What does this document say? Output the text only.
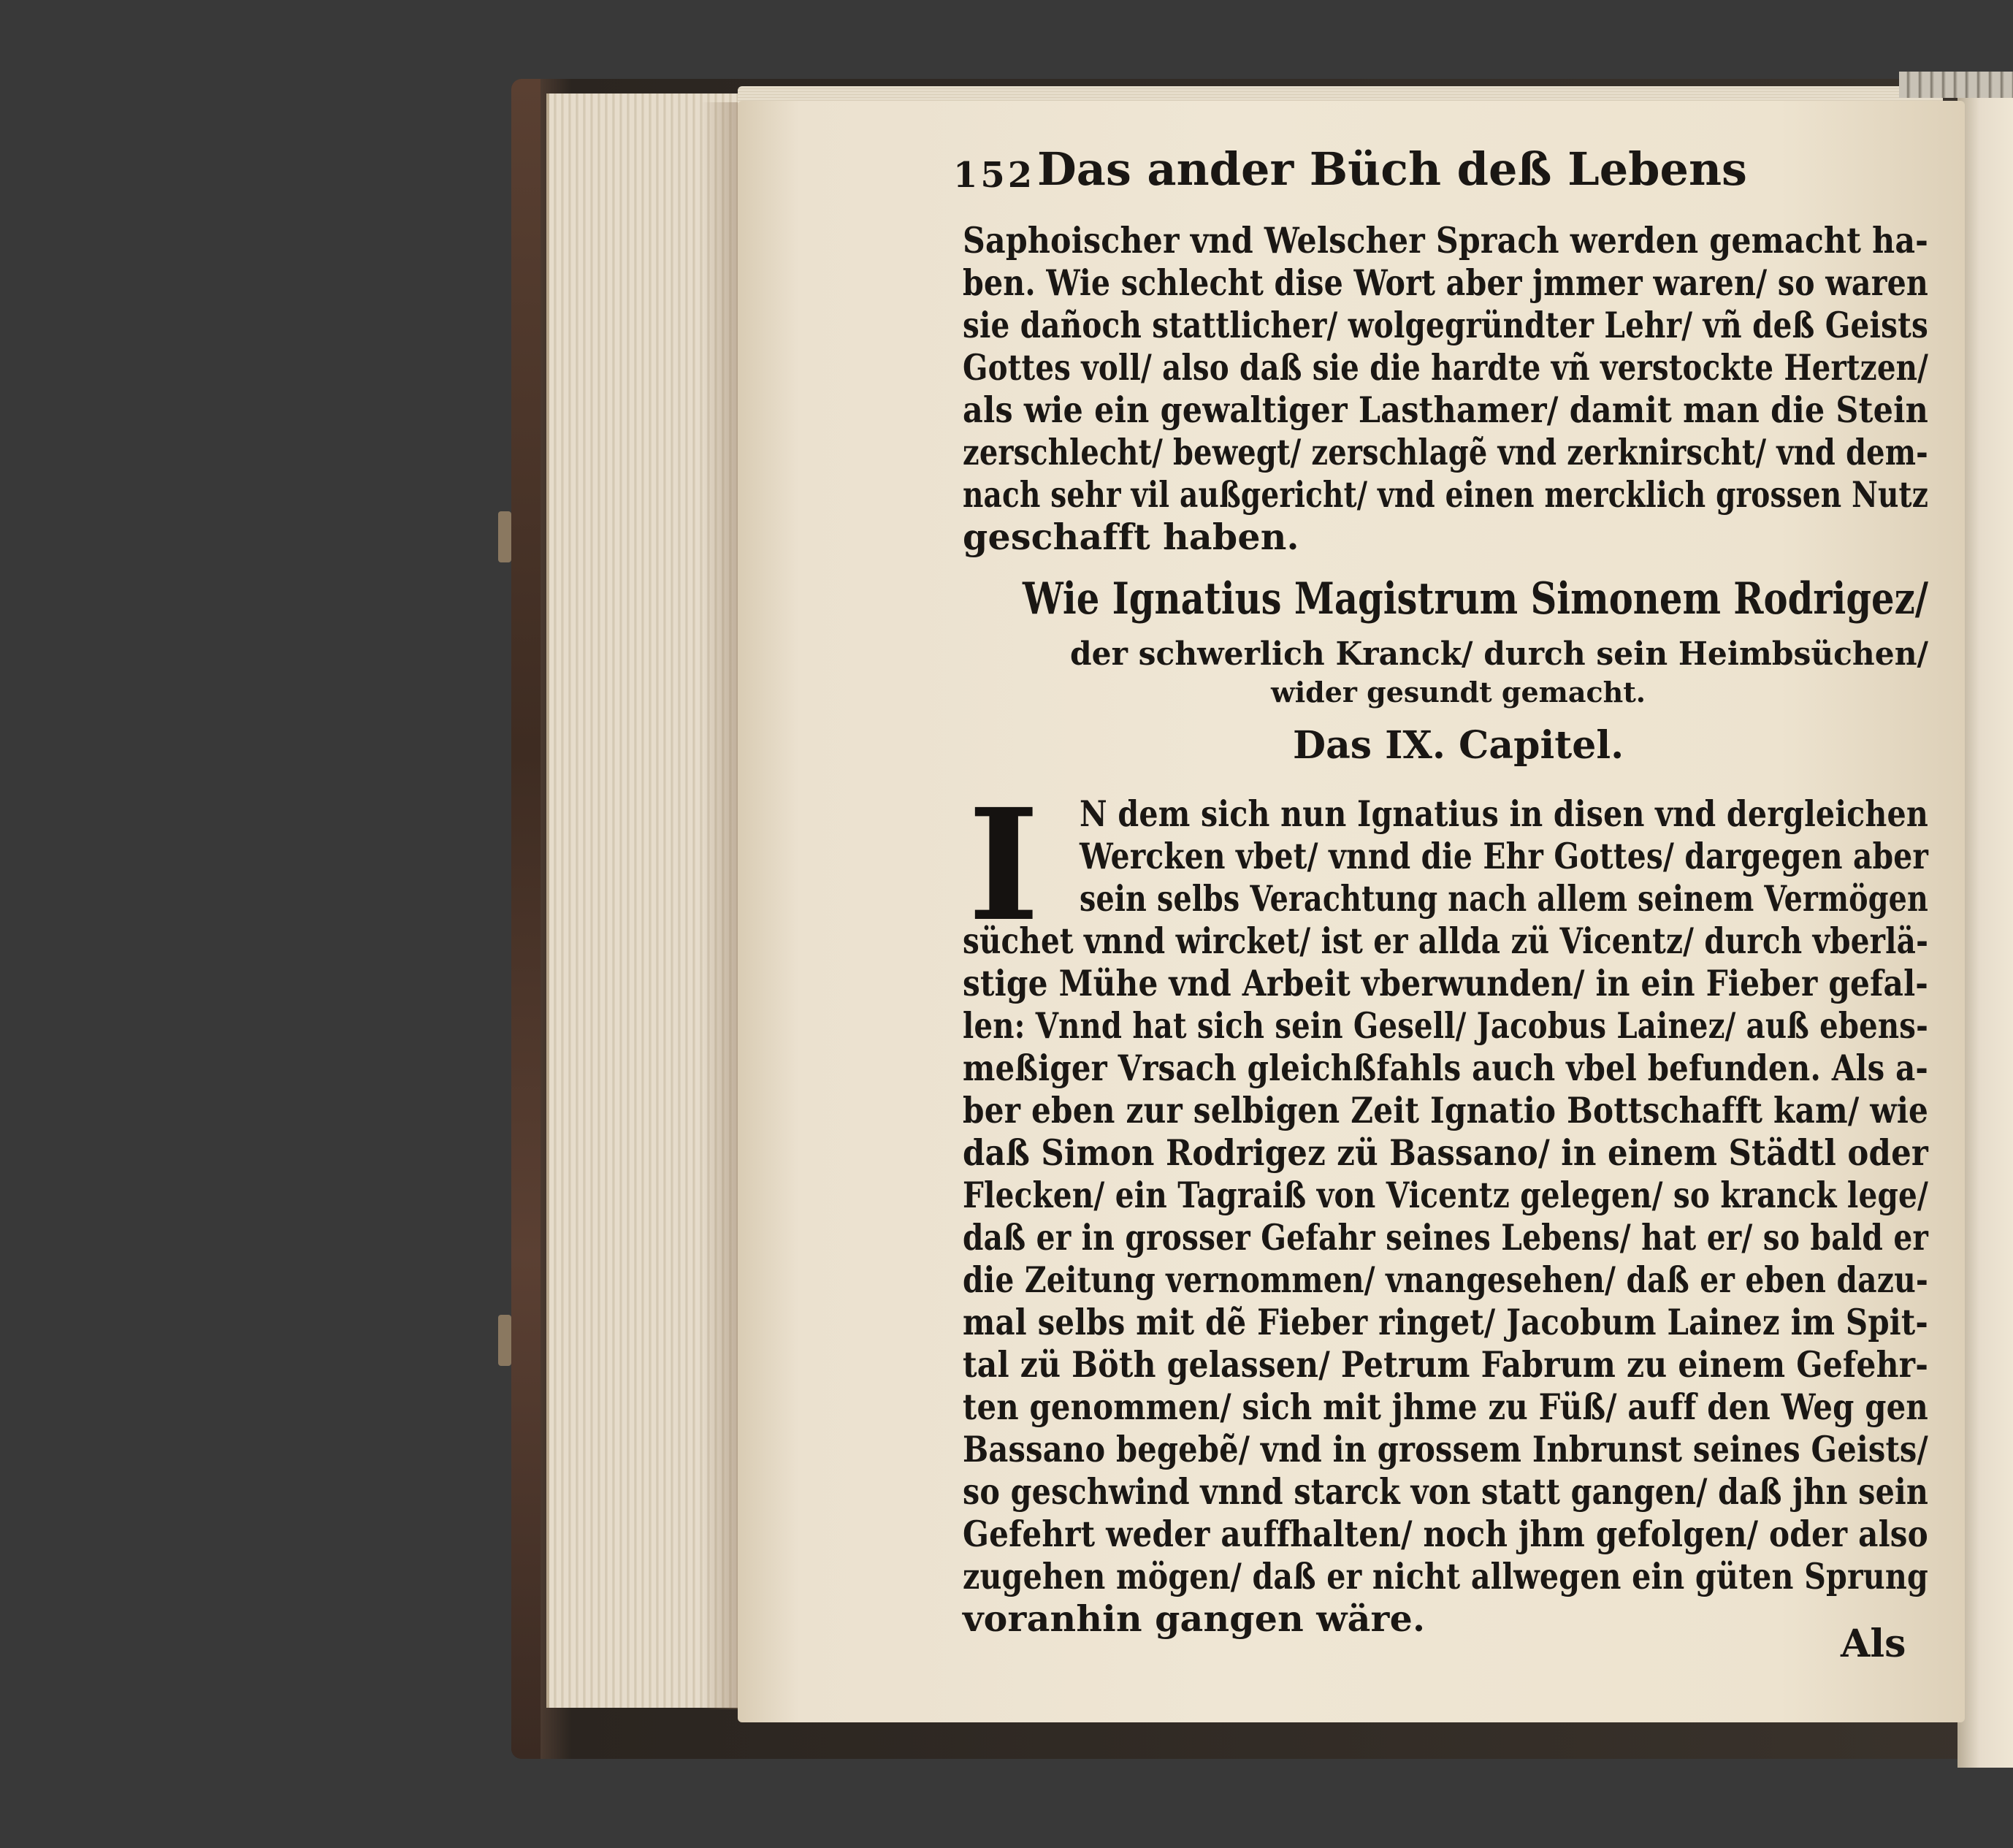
152 Das ander Büch deß Lebens
Saphoischer vnd Welscher Sprach werden gemacht ha-
ben. Wie schlecht dise Wort aber jmmer waren/ so waren
sie dañoch stattlicher/ wolgegründter Lehr/ vñ deß Geists
Gottes voll/ also daß sie die hardte vñ verstockte Hertzen/
als wie ein gewaltiger Lasthamer/ damit man die Stein
zerschlecht/ bewegt/ zerschlagẽ vnd zerknirscht/ vnd dem-
nach sehr vil außgericht/ vnd einen mercklich grossen Nutz
geschafft haben.
Wie Ignatius Magistrum Simonem Rodrigez/
der schwerlich Kranck/ durch sein Heimbsüchen/
wider gesundt gemacht.
Das IX. Capitel.
I N dem sich nun Ignatius in disen vnd dergleichen
Wercken vbet/ vnnd die Ehr Gottes/ dargegen aber
sein selbs Verachtung nach allem seinem Vermögen
süchet vnnd wircket/ ist er allda zü Vicentz/ durch vberlä-
stige Mühe vnd Arbeit vberwunden/ in ein Fieber gefal-
len: Vnnd hat sich sein Gesell/ Jacobus Lainez/ auß ebens-
meßiger Vrsach gleichßfahls auch vbel befunden. Als a-
ber eben zur selbigen Zeit Ignatio Bottschafft kam/ wie
daß Simon Rodrigez zü Bassano/ in einem Städtl oder
Flecken/ ein Tagraiß von Vicentz gelegen/ so kranck lege/
daß er in grosser Gefahr seines Lebens/ hat er/ so bald er
die Zeitung vernommen/ vnangesehen/ daß er eben dazu-
mal selbs mit dẽ Fieber ringet/ Jacobum Lainez im Spit-
tal zü Böth gelassen/ Petrum Fabrum zu einem Gefehr-
ten genommen/ sich mit jhme zu Füß/ auff den Weg gen
Bassano begebẽ/ vnd in grossem Inbrunst seines Geists/
so geschwind vnnd starck von statt gangen/ daß jhn sein
Gefehrt weder auffhalten/ noch jhm gefolgen/ oder also
zugehen mögen/ daß er nicht allwegen ein güten Sprung
voranhin gangen wäre.
Als
